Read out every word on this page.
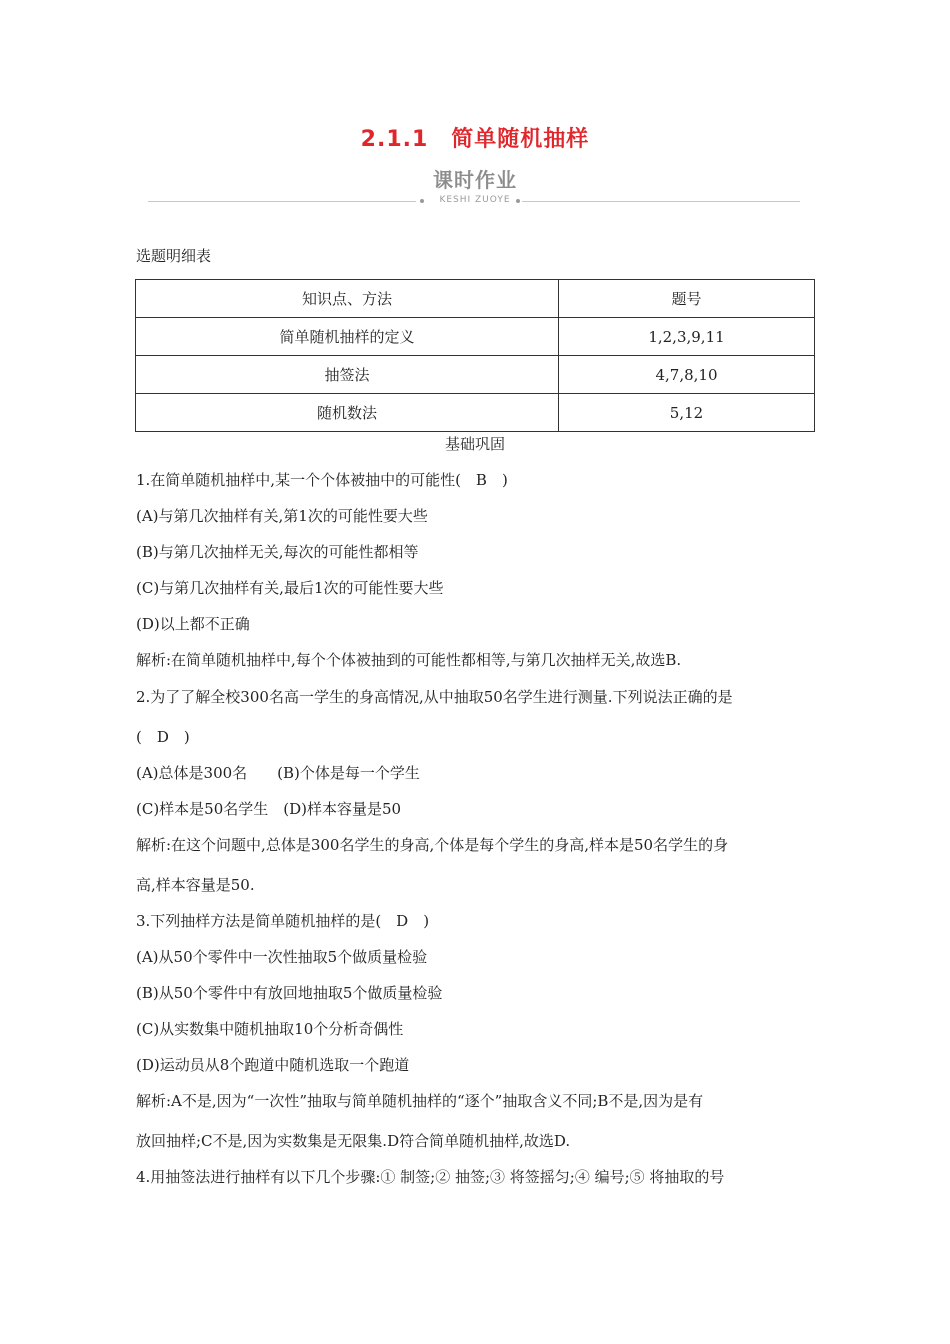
2.1.1　简单随机抽样
课时作业
KESHI ZUOYE
选题明细表
知识点、方法	题号
简单随机抽样的定义	1,2,3,9,11
抽签法	4,7,8,10
随机数法	5,12
基础巩固
1.在简单随机抽样中,某一个个体被抽中的可能性(　B　)
(A)与第几次抽样有关,第1次的可能性要大些
(B)与第几次抽样无关,每次的可能性都相等
(C)与第几次抽样有关,最后1次的可能性要大些
(D)以上都不正确
解析:在简单随机抽样中,每个个体被抽到的可能性都相等,与第几次抽样无关,故选B.
2.为了了解全校300名高一学生的身高情况,从中抽取50名学生进行测量.下列说法正确的是
(　D　)
(A)总体是300名　　(B)个体是每一个学生
(C)样本是50名学生　(D)样本容量是50
解析:在这个问题中,总体是300名学生的身高,个体是每个学生的身高,样本是50名学生的身
高,样本容量是50.
3.下列抽样方法是简单随机抽样的是(　D　)
(A)从50个零件中一次性抽取5个做质量检验
(B)从50个零件中有放回地抽取5个做质量检验
(C)从实数集中随机抽取10个分析奇偶性
(D)运动员从8个跑道中随机选取一个跑道
解析:A不是,因为“一次性”抽取与简单随机抽样的“逐个”抽取含义不同;B不是,因为是有
放回抽样;C不是,因为实数集是无限集.D符合简单随机抽样,故选D.
4.用抽签法进行抽样有以下几个步骤:① 制签;② 抽签;③ 将签摇匀;④ 编号;⑤ 将抽取的号
